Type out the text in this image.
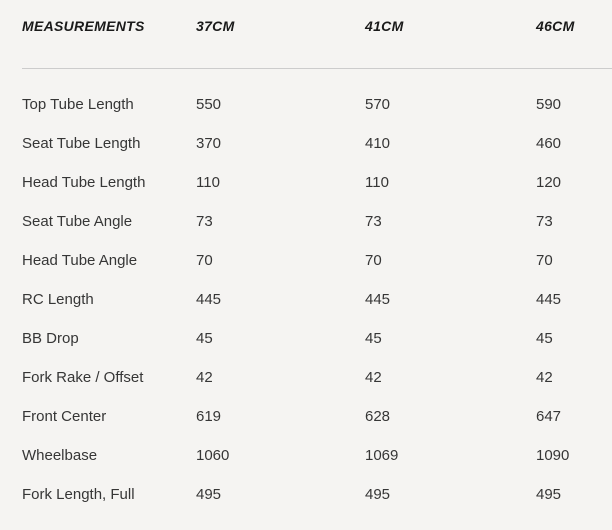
MEASUREMENTS	37CM	41CM	46CM
Top Tube Length	550	570	590
Seat Tube Length	370	410	460
Head Tube Length	110	110	120
Seat Tube Angle	73	73	73
Head Tube Angle	70	70	70
RC Length	445	445	445
BB Drop	45	45	45
Fork Rake / Offset	42	42	42
Front Center	619	628	647
Wheelbase	1060	1069	1090
Fork Length, Full	495	495	495
